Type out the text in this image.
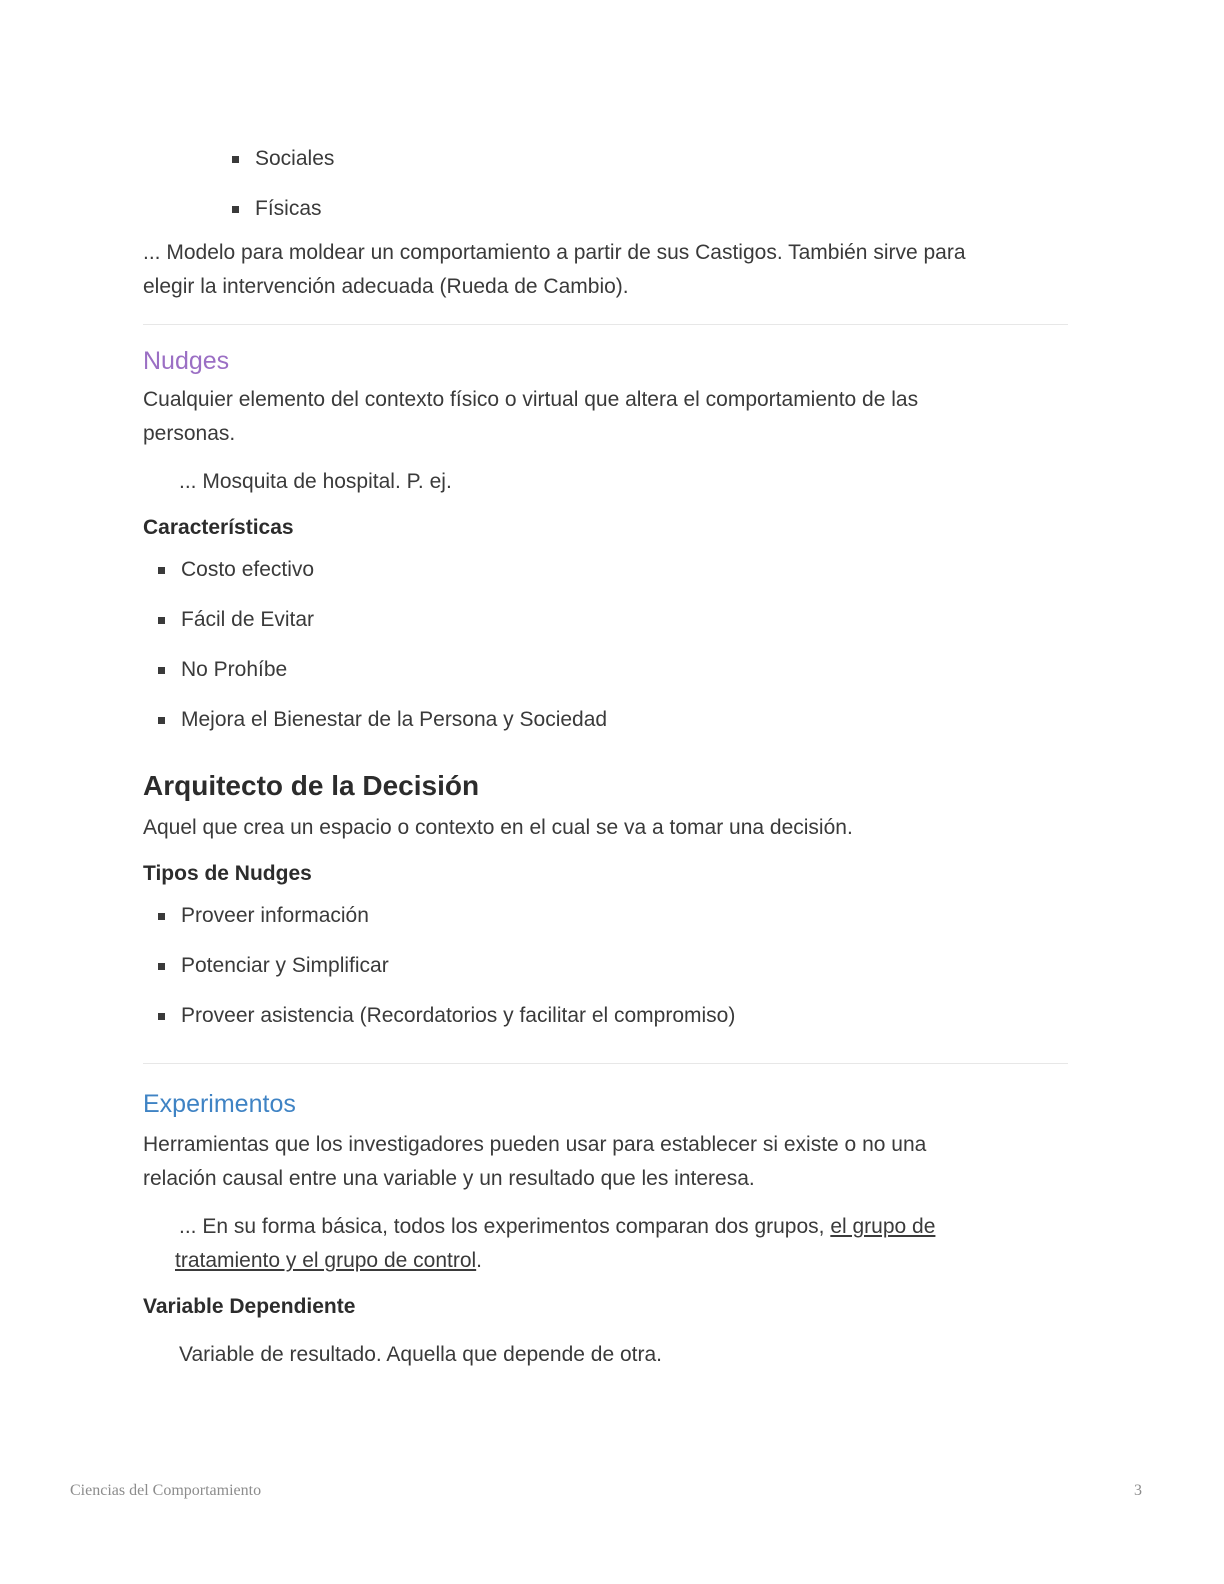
Sociales
Físicas

... Modelo para moldear un comportamiento a partir de sus Castigos. También sirve para
elegir la intervención adecuada (Rueda de Cambio).

Nudges

Cualquier elemento del contexto físico o virtual que altera el comportamiento de las
personas.

... Mosquita de hospital. P. ej.

Características
Costo efectivo
Fácil de Evitar
No Prohíbe
Mejora el Bienestar de la Persona y Sociedad
Arquitecto de la Decisión

Aquel que crea un espacio o contexto en el cual se va a tomar una decisión.

Tipos de Nudges
Proveer información
Potenciar y Simplificar
Proveer asistencia (Recordatorios y facilitar el compromiso)
Experimentos

Herramientas que los investigadores pueden usar para establecer si existe o no una
relación causal entre una variable y un resultado que les interesa.

... En su forma básica, todos los experimentos comparan dos grupos, el grupo de
tratamiento y el grupo de control.

Variable Dependiente

Variable de resultado. Aquella que depende de otra.

Ciencias del Comportamiento	3
